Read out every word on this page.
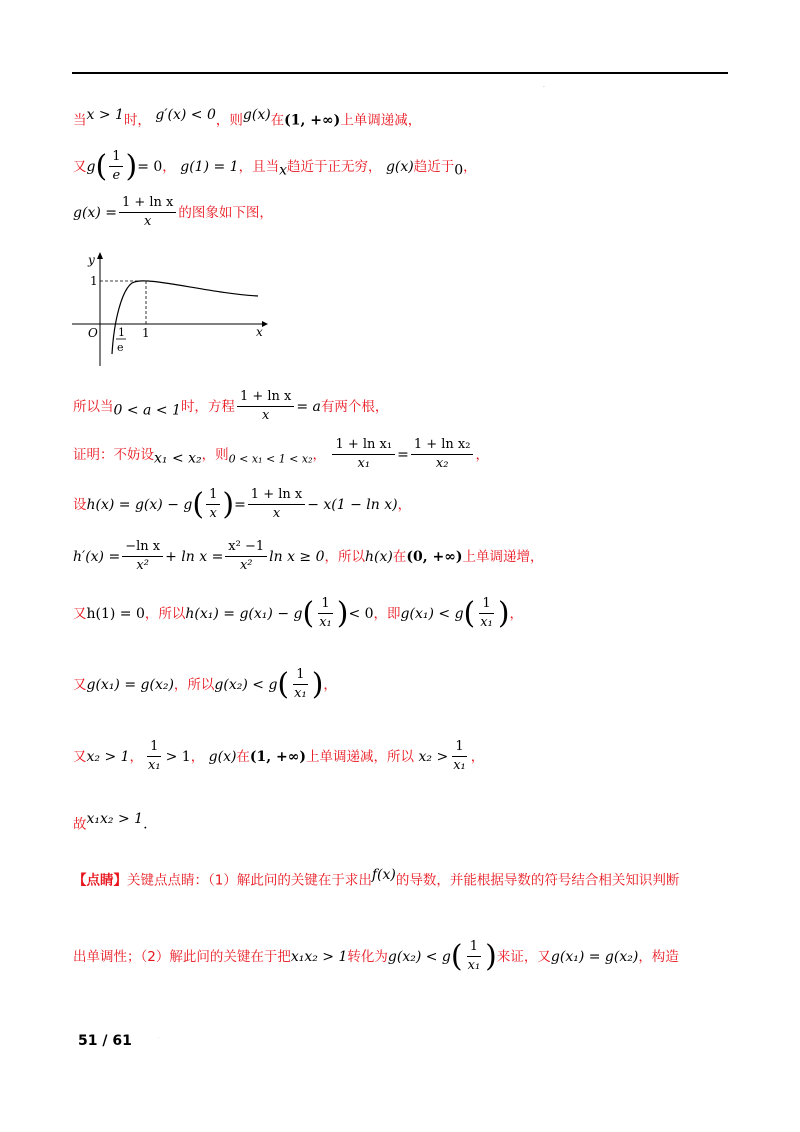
·
当$^{x > 1}$时， $^{g'(x) < 0}$，则$^{g(x)}$在(1, +∞)上单调递减，
又$g( \frac{1}{e}$ )= 0， g(1) = 1，且当$_x$趋近于正无穷， g(x)趋近于$_0$，
$g(x) = \frac{\text{1 + ln x}}{x}$ 的图象如下图，
y
x
O
1
1
e
1
所以当$_{0 < a < 1}$时，方程 $\frac{\text{1 + ln x}}{x} = a$有两个根，
证明：不妨设$_{x_1 < x_2}$，则$_{0 < x_1 < 1 < x_2}$， $\frac{\text{1 + ln x₁}}{\text{x₁}} = \frac{\text{1 + ln x₂}}{\text{x₂}}$ ，
设$h(x) = g(x) - g( \frac{1}{x}$ )= $\frac{\text{1 + ln x}}{x} - x(1 - \ln x)$，
$h'(x) = \frac{\text{−ln x}}{\text{x²}} + \ln x = \frac{\text{x² −1}}{\text{x²}}$ ln x ≥ 0，所以h(x)在(0, +∞)上单调递增，
又h(1) = 0，所以$h(x_1) = g(x_1) - g( \frac{1}{\text{x₁}}$ )< 0，即$g(x_1) < g( \frac{1}{\text{x₁}}$ )，
又g(x₁) = g(x₂)，所以$g(x_2) < g( \frac{1}{\text{x₁}}$ )，
又x₂ > 1， $\frac{1}{\text{x₁}} > 1$， g(x)在(1, +∞)上单调递减，所以 $x_2 > \frac{1}{\text{x₁}}$ ，
故$^{x_1x_2 > 1}$.
【点睛】关键点点睛：（1）解此问的关键在于求出$^{f(x)}$的导数，并能根据导数的符号结合相关知识判断
出单调性；（2）解此问的关键在于把x₁x₂ > 1转化为$g(x_2) < g( \frac{1}{\text{x₁}}$ )来证，又g(x₁) = g(x₂)，构造
51 / 61	·
